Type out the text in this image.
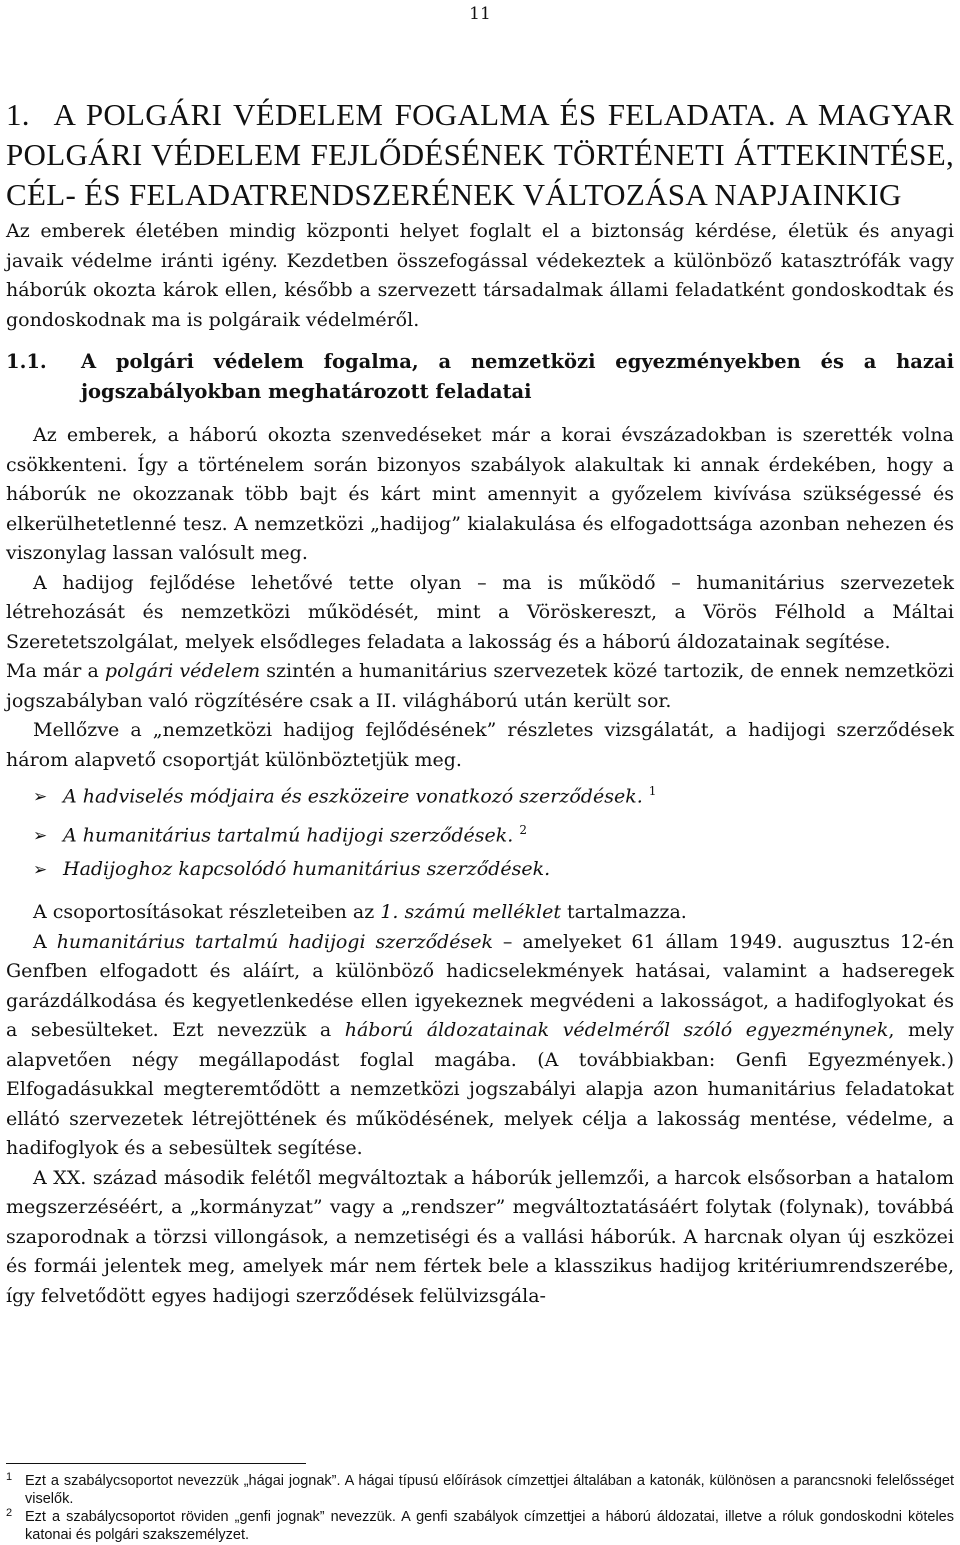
11
1. A POLGÁRI VÉDELEM FOGALMA ÉS FELADATA. A MAGYAR POLGÁRI VÉDELEM FEJLŐDÉSÉNEK TÖRTÉNETI ÁTTEKINTÉSE, CÉL- ÉS FELADATRENDSZERÉNEK VÁLTOZÁSA NAPJAINKIG

Az emberek életében mindig központi helyet foglalt el a biztonság kérdése, életük és anyagi javaik védelme iránti igény. Kezdetben összefogással védekeztek a különböző katasztrófák vagy háborúk okozta károk ellen, később a szervezett társadalmak állami feladatként gondoskodtak és gondoskodnak ma is polgáraik védelméről.

1.1. A polgári védelem fogalma, a nemzetközi egyezményekben és a hazai jogszabályokban meghatározott feladatai

Az emberek, a háború okozta szenvedéseket már a korai évszázadokban is szerették volna csökkenteni. Így a történelem során bizonyos szabályok alakultak ki annak érdekében, hogy a háborúk ne okozzanak több bajt és kárt mint amennyit a győzelem kivívása szükségessé és elkerülhetetlenné tesz. A nemzetközi „hadijog” kialakulása és elfogadottsága azonban nehezen és viszonylag lassan valósult meg.

A hadijog fejlődése lehetővé tette olyan – ma is működő – humanitárius szervezetek létrehozását és nemzetközi működését, mint a Vöröskereszt, a Vörös Félhold a Máltai Szeretetszolgálat, melyek elsődleges feladata a lakosság és a háború áldozatainak segítése.

Ma már a polgári védelem szintén a humanitárius szervezetek közé tartozik, de ennek nemzetközi jogszabályban való rögzítésére csak a II. világháború után került sor.

Mellőzve a „nemzetközi hadijog fejlődésének” részletes vizsgálatát, a hadijogi szerződések három alapvető csoportját különböztetjük meg.

➢ A hadviselés módjaira és eszközeire vonatkozó szerződések. $^1$
➢ A humanitárius tartalmú hadijogi szerződések. $^2$
➢ Hadijoghoz kapcsolódó humanitárius szerződések.

A csoportosításokat részleteiben az 1. számú melléklet tartalmazza.

A humanitárius tartalmú hadijogi szerződések – amelyeket 61 állam 1949. augusztus 12-én Genfben elfogadott és aláírt, a különböző hadicselekmények hatásai, valamint a hadseregek garázdálkodása és kegyetlenkedése ellen igyekeznek megvédeni a lakosságot, a hadifoglyokat és a sebesülteket. Ezt nevezzük a háború áldozatainak védelméről szóló egyezménynek, mely alapvetően négy megállapodást foglal magába. (A továbbiakban: Genfi Egyezmények.) Elfogadásukkal megteremtődött a nemzetközi jogszabályi alapja azon humanitárius feladatokat ellátó szervezetek létrejöttének és működésének, melyek célja a lakosság mentése, védelme, a hadifoglyok és a sebesültek segítése.

A XX. század második felétől megváltoztak a háborúk jellemzői, a harcok elsősorban a hatalom megszerzéséért, a „kormányzat” vagy a „rendszer” megváltoztatásáért folytak (folynak), továbbá szaporodnak a törzsi villongások, a nemzetiségi és a vallási háborúk. A harcnak olyan új eszközei és formái jelentek meg, amelyek már nem fértek bele a klasszikus hadijog kritériumrendszerébe, így felvetődött egyes hadijogi szerződések felülvizsgála-

1 Ezt a szabálycsoportot nevezzük „hágai jognak”. A hágai típusú előírások címzettjei általában a katonák, különösen a parancsnoki felelősséget viselők.

2 Ezt a szabálycsoportot röviden „genfi jognak” nevezzük. A genfi szabályok címzettjei a háború áldozatai, illetve a róluk gondoskodni köteles katonai és polgári szakszemélyzet.
